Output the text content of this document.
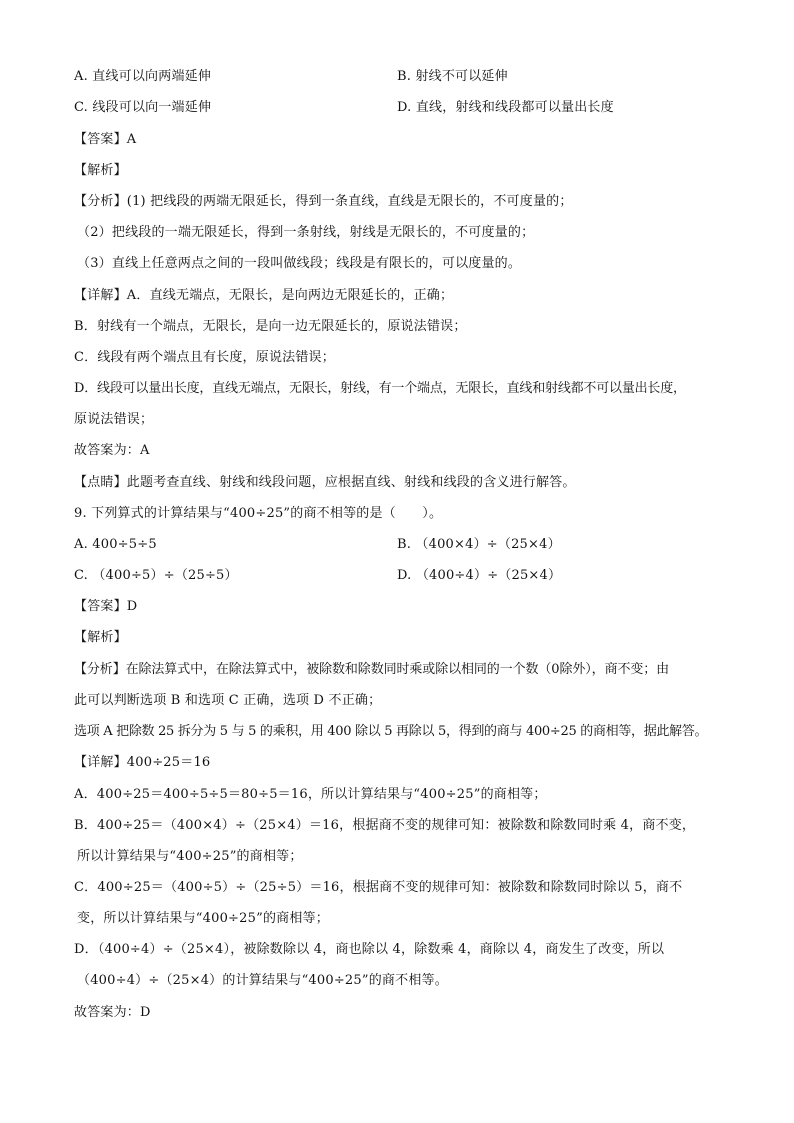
A. 直线可以向两端延伸	B. 射线不可以延伸
C. 线段可以向一端延伸	D. 直线，射线和线段都可以量出长度
【答案】A
【解析】
【分析】(1) 把线段的两端无限延长，得到一条直线，直线是无限长的，不可度量的；
（2）把线段的一端无限延长，得到一条射线，射线是无限长的，不可度量的；
（3）直线上任意两点之间的一段叫做线段；线段是有限长的，可以度量的。
【详解】A．直线无端点，无限长，是向两边无限延长的，正确；
B．射线有一个端点，无限长，是向一边无限延长的，原说法错误；
C．线段有两个端点且有长度，原说法错误；
D．线段可以量出长度，直线无端点，无限长，射线，有一个端点，无限长，直线和射线都不可以量出长度，
原说法错误；
故答案为：A
【点睛】此题考查直线、射线和线段问题，应根据直线、射线和线段的含义进行解答。
9. 下列算式的计算结果与“400÷25”的商不相等的是（　　）。
A. 400÷5÷5	B. （400×4）÷（25×4）
C. （400÷5）÷（25÷5）	D. （400÷4）÷（25×4）
【答案】D
【解析】
【分析】在除法算式中，在除法算式中，被除数和除数同时乘或除以相同的一个数（0除外），商不变；由
此可以判断选项 B 和选项 C 正确，选项 D 不正确；
选项 A 把除数 25 拆分为 5 与 5 的乘积，用 400 除以 5 再除以 5，得到的商与 400÷25 的商相等，据此解答。
【详解】400÷25＝16
A．400÷25＝400÷5÷5＝80÷5＝16，所以计算结果与“400÷25”的商相等；
B．400÷25＝（400×4）÷（25×4）＝16，根据商不变的规律可知：被除数和除数同时乘 4，商不变，
所以计算结果与“400÷25”的商相等；
C．400÷25＝（400÷5）÷（25÷5）＝16，根据商不变的规律可知：被除数和除数同时除以 5，商不
变，所以计算结果与“400÷25”的商相等；
D．（400÷4）÷（25×4），被除数除以 4，商也除以 4，除数乘 4，商除以 4，商发生了改变，所以
（400÷4）÷（25×4）的计算结果与“400÷25”的商不相等。
故答案为：D
